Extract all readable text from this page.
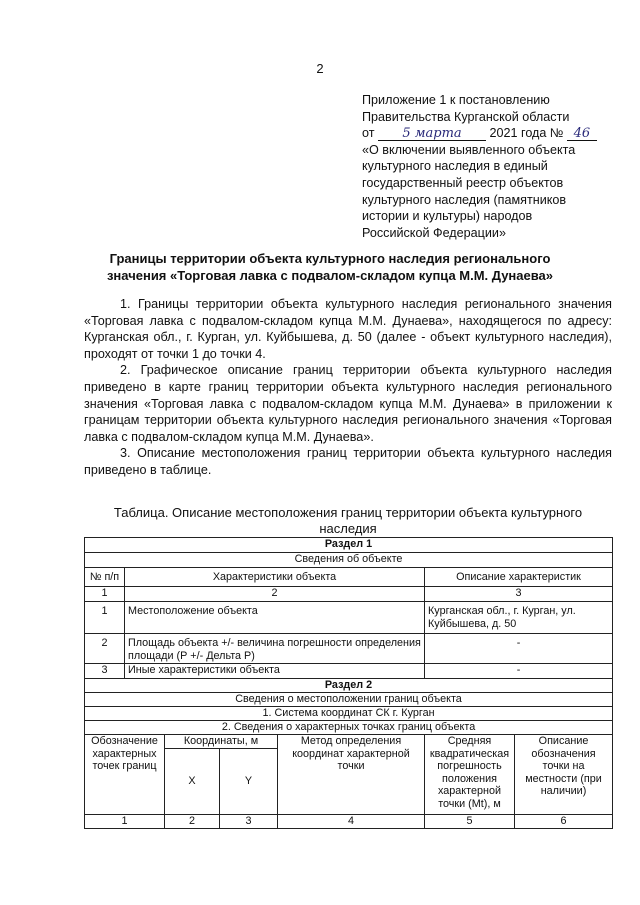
2
Приложение 1 к постановлению
Правительства Курганской области
от 5 марта 2021 года № 46
«О включении выявленного объекта
культурного наследия в единый
государственный реестр объектов
культурного наследия (памятников
истории и культуры) народов
Российской Федерации»
Границы территории объекта культурного наследия регионального
значения «Торговая лавка с подвалом-складом купца М.М. Дунаева»

1. Границы территории объекта культурного наследия регионального значения «Торговая лавка с подвалом-складом купца М.М. Дунаева», находящегося по адресу: Курганская обл., г. Курган, ул. Куйбышева, д. 50 (далее - объект культурного наследия), проходят от точки 1 до точки 4.

2. Графическое описание границ территории объекта культурного наследия приведено в карте границ территории объекта культурного наследия регионального значения «Торговая лавка с подвалом-складом купца М.М. Дунаева» в приложении к границам территории объекта культурного наследия регионального значения «Торговая лавка с подвалом-складом купца М.М. Дунаева».

3. Описание местоположения границ территории объекта культурного наследия приведено в таблице.

Таблица. Описание местоположения границ территории объекта культурного наследия
Раздел 1						
Сведения об объекте						
№ п/п	Характеристики объекта				Описание характеристик	
1	2				3	
1	Местоположение объекта				Курганская обл., г. Курган, ул. Куйбышева, д. 50	
2	Площадь объекта +/- величина погрешности определения площади (Р +/- Дельта Р)				-	
3	Иные характеристики объекта				-	
Раздел 2						
Сведения о местоположении границ объекта						
1. Система координат СК г. Курган						
2. Сведения о характерных точках границ объекта						
Обозначение характерных точек границ		Координаты, м		Метод определения координат характерной точки	Средняя квадратическая погрешность положения характерной точки (Mt), м	Описание обозначения точки на местности (при наличии)
		X	Y			
1		2	3	4	5	6
